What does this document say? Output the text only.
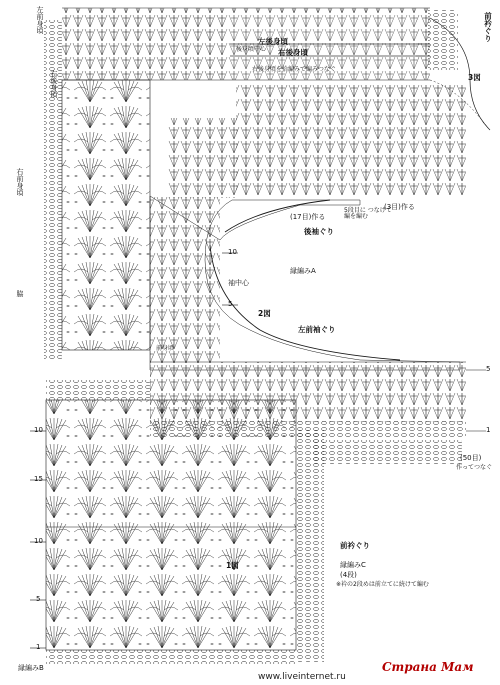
左後身頃
後身頃中心 右後身頃
右後身頃を拾編みで編みつなぐ
左前身頃
右後身頃
右前身頃
脇
前衿ぐり
3図
後袖ぐり
(17目)作る
(3目)作る
5段目に つなげて編を編む
縁編みA
袖中心
2図
左前袖ぐり
前身頃
(50目)
作ってつなぐ
前衿ぐり
1図	縁編みC
(4段)
※衿の2段めは前立てに続けて編む
縁編みB
10
15
10
5
1
5
1
10
5
www.liveinternet.ru
Страна Мам
